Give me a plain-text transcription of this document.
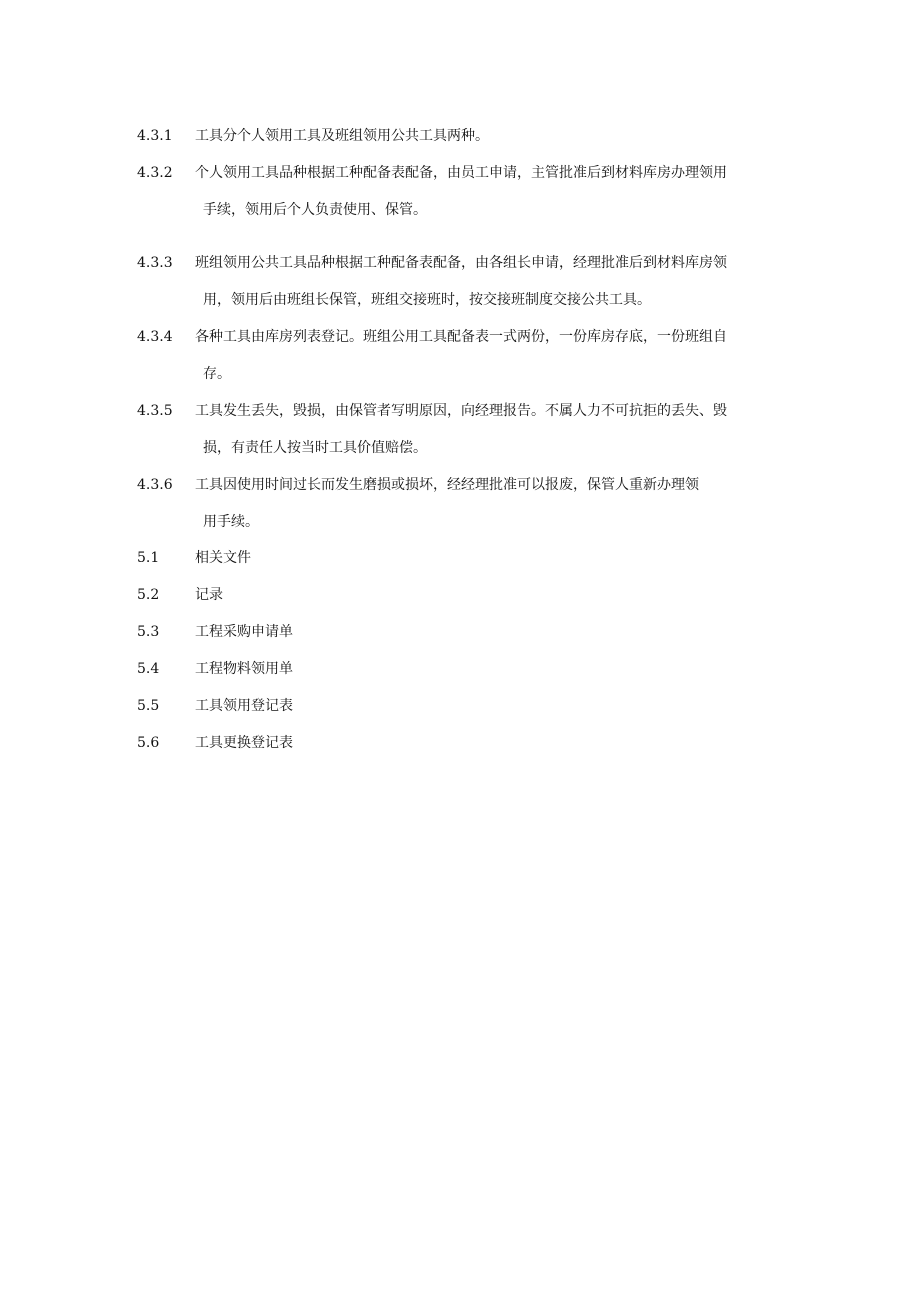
4.3.1	工具分个人领用工具及班组领用公共工具两种。
4.3.2	个人领用工具品种根据工种配备表配备，由员工申请，主管批准后到材料库房办理领用
手续，领用后个人负责使用、保管。
4.3.3	班组领用公共工具品种根据工种配备表配备，由各组长申请，经理批准后到材料库房领
用，领用后由班组长保管，班组交接班时，按交接班制度交接公共工具。
4.3.4	各种工具由库房列表登记。班组公用工具配备表一式两份，一份库房存底，一份班组自
存。
4.3.5	工具发生丢失，毁损，由保管者写明原因，向经理报告。不属人力不可抗拒的丢失、毁
损，有责任人按当时工具价值赔偿。
4.3.6	工具因使用时间过长而发生磨损或损坏，经经理批准可以报废，保管人重新办理领
用手续。
5.1	相关文件
5.2	记录
5.3	工程采购申请单
5.4	工程物料领用单
5.5	工具领用登记表
5.6	工具更换登记表
